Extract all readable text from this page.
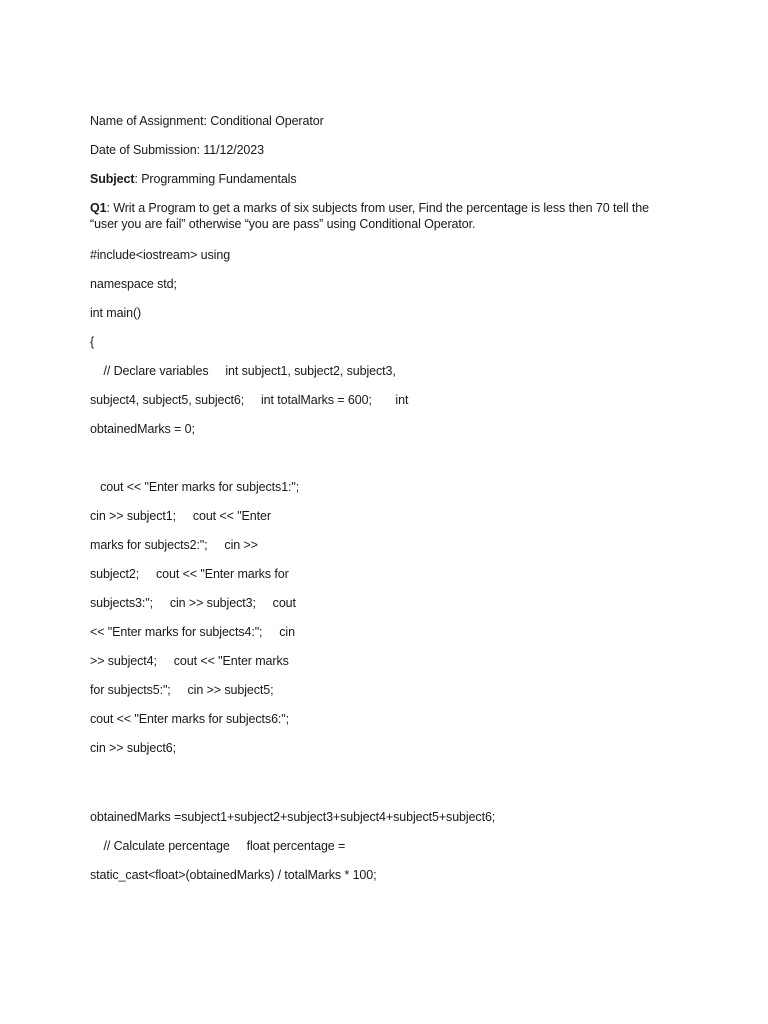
Name of Assignment: Conditional Operator
Date of Submission: 11/12/2023
Subject: Programming Fundamentals
Q1: Writ a Program to get a marks of six subjects from user, Find the percentage is less then 70 tell the “user you are fail” otherwise “you are pass” using Conditional Operator.
#include<iostream> using
namespace std;
int main()
{
// Declare variables     int subject1, subject2, subject3,
subject4, subject5, subject6;     int totalMarks = 600;       int
obtainedMarks = 0;
cout << "Enter marks for subjects1:";
cin >> subject1;     cout << "Enter
marks for subjects2:";     cin >>
subject2;     cout << "Enter marks for
subjects3:";     cin >> subject3;     cout
<< "Enter marks for subjects4:";     cin
>> subject4;     cout << "Enter marks
for subjects5:";     cin >> subject5;
cout << "Enter marks for subjects6:";
cin >> subject6;
obtainedMarks =subject1+subject2+subject3+subject4+subject5+subject6;
// Calculate percentage     float percentage =
static_cast<float>(obtainedMarks) / totalMarks * 100;
